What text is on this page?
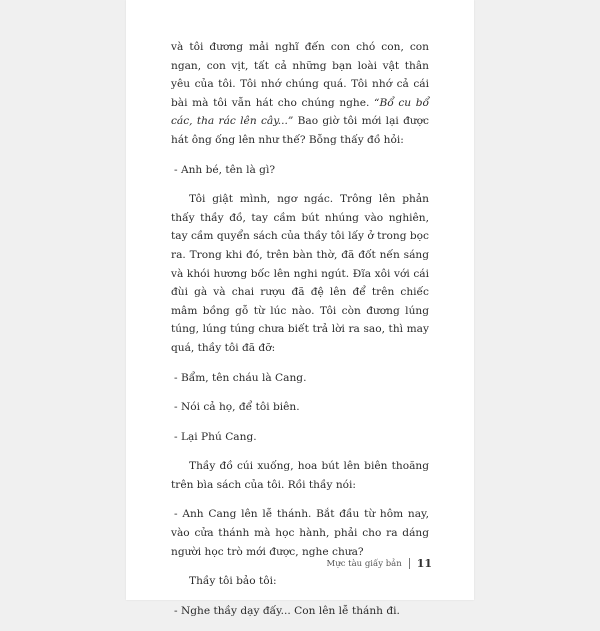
và tôi đương mải nghĩ đến con chó con, con ngan, con vịt, tất cả những bạn loài vật thân yêu của tôi. Tôi nhớ chúng quá. Tôi nhớ cả cái bài mà tôi vẫn hát cho chúng nghe. “Bổ cu bổ các, tha rác lên cây...” Bao giờ tôi mới lại được hát ông ống lên như thế? Bỗng thấy đồ hỏi:

- Anh bé, tên là gì?

Tôi giật mình, ngơ ngác. Trông lên phản thấy thầy đồ, tay cầm bút nhúng vào nghiên, tay cầm quyển sách của thầy tôi lấy ở trong bọc ra. Trong khi đó, trên bàn thờ, đã đốt nến sáng và khói hương bốc lên nghi ngút. Đĩa xôi với cái đùi gà và chai rượu đã đệ lên để trên chiếc mâm bồng gỗ từ lúc nào. Tôi còn đương lúng túng, lúng túng chưa biết trả lời ra sao, thì may quá, thầy tôi đã đỡ:

- Bẩm, tên cháu là Cang.

- Nói cả họ, để tôi biên.

- Lại Phú Cang.

Thầy đồ cúi xuống, hoa bút lên biên thoăng trên bìa sách của tôi. Rồi thầy nói:

- Anh Cang lên lễ thánh. Bắt đầu từ hôm nay, vào cửa thánh mà học hành, phải cho ra dáng người học trò mới được, nghe chưa?

Thầy tôi bảo tôi:

- Nghe thầy dạy đấy... Con lên lễ thánh đi.

Mực tàu giấy bản 11
